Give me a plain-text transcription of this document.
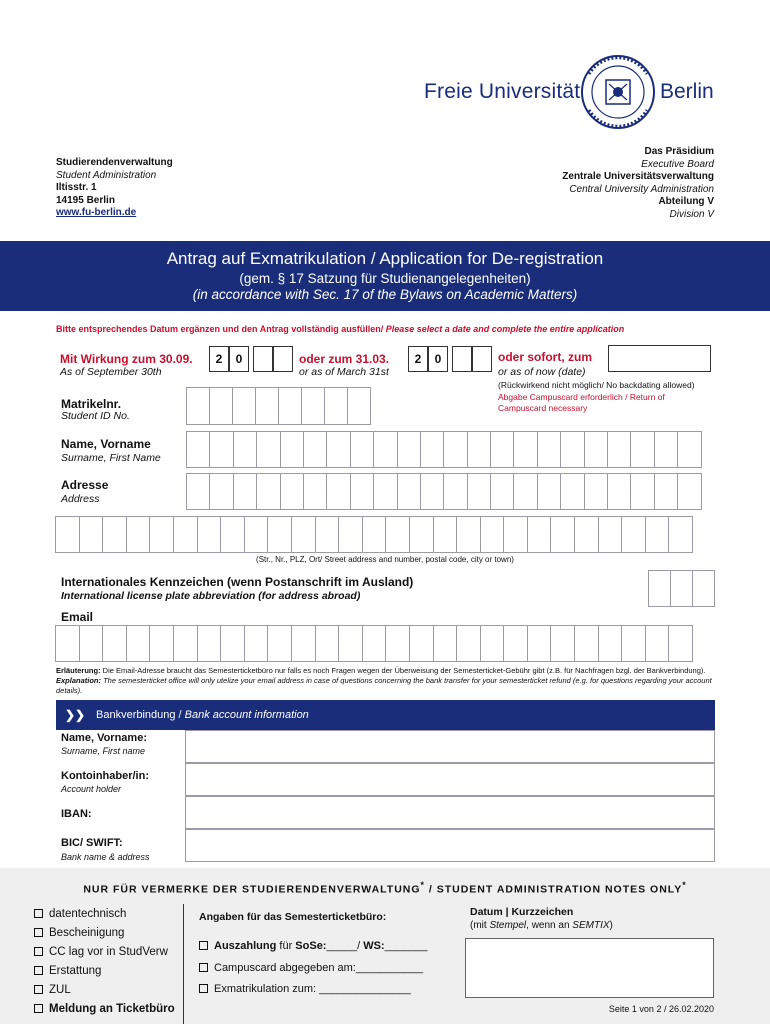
Freie Universität	Berlin
Studierendenverwaltung
Student Administration
Iltisstr. 1
14195 Berlin
www.fu-berlin.de
Das Präsidium
Executive Board
Zentrale Universitätsverwaltung
Central University Administration
Abteilung V
Division V
Antrag auf Exmatrikulation / Application for De-registration
(gem. § 17 Satzung für Studienangelegenheiten)
(in accordance with Sec. 17 of the Bylaws on Academic Matters)
Bitte entsprechendes Datum ergänzen und den Antrag vollständig ausfüllen/ Please select a date and complete the entire application
Mit Wirkung zum 30.09.
As of September 30th
2	0	oder zum 31.03.
or as of March 31st
2	0	oder sofort, zum
or as of now (date)
(Rückwirkend nicht möglich/ No backdating allowed)
Abgabe Campuscard erforderlich / Return of
Campuscard necessary
Matrikelnr.
Student ID No.
Name, Vorname
Surname, First Name
Adresse
Address
(Str., Nr., PLZ, Ort/ Street address and number, postal code, city or town)
Internationales Kennzeichen (wenn Postanschrift im Ausland)
International license plate abbreviation (for address abroad)
Email
Erläuterung: Die Email-Adresse braucht das Semesterticketbüro nur falls es noch Fragen wegen der Überweisung der Semesterticket-Gebühr gibt (z.B. für Nachfragen bzgl. der Bankverbindung). Explanation: The semesterticket office will only utelize your email address in case of questions concerning the bank transfer for your semesterticket refund (e.g. for questions regarding your account details).
❯❯ Bankverbindung / Bank account information
Name, Vorname:
Surname, First name
Kontoinhaber/in:
Account holder
IBAN:
BIC/ SWIFT:
Bank name & address
NUR FÜR VERMERKE DER STUDIERENDENVERWALTUNG* / STUDENT ADMINISTRATION NOTES ONLY*
datentechnisch
Bescheinigung
CC lag vor in StudVerw
Erstattung
ZUL
Meldung an Ticketbüro
Angaben für das Semesterticketbüro:
Auszahlung für SoSe:_____/ WS:_______
Campuscard abgegeben am:___________
Exmatrikulation zum: _______________
Datum | Kurzzeichen
(mit Stempel, wenn an SEMTIX)
Seite 1 von 2 / 26.02.2020
